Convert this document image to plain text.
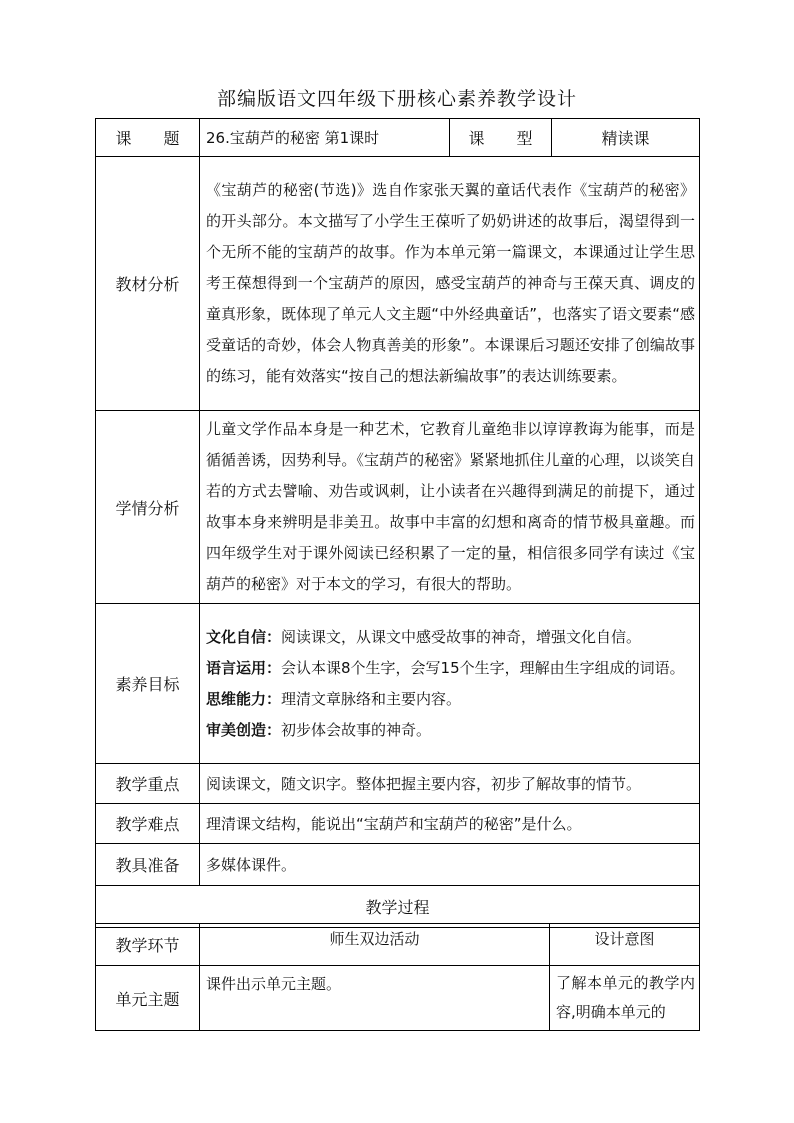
部编版语文四年级下册核心素养教学设计
课　　题	26.宝葫芦的秘密 第1课时	课　　型	精读课
教材分析	《宝葫芦的秘密(节选)》选自作家张天翼的童话代表作《宝葫芦的秘密》的开头部分。本文描写了小学生王葆听了奶奶讲述的故事后，渴望得到一个无所不能的宝葫芦的故事。作为本单元第一篇课文，本课通过让学生思考王葆想得到一个宝葫芦的原因，感受宝葫芦的神奇与王葆天真、调皮的童真形象，既体现了单元人文主题“中外经典童话”，也落实了语文要素“感受童话的奇妙，体会人物真善美的形象”。本课课后习题还安排了创编故事的练习，能有效落实“按自己的想法新编故事”的表达训练要素。		
学情分析	儿童文学作品本身是一种艺术，它教育儿童绝非以谆谆教诲为能事，而是循循善诱，因势利导。《宝葫芦的秘密》紧紧地抓住儿童的心理，以谈笑自若的方式去譬喻、劝告或讽刺，让小读者在兴趣得到满足的前提下，通过故事本身来辨明是非美丑。故事中丰富的幻想和离奇的情节极具童趣。而四年级学生对于课外阅读已经积累了一定的量，相信很多同学有读过《宝葫芦的秘密》对于本文的学习，有很大的帮助。		
素养目标	文化自信：阅读课文，从课文中感受故事的神奇，增强文化自信。
语言运用：会认本课8个生字，会写15个生字，理解由生字组成的词语。
思维能力：理清文章脉络和主要内容。
审美创造：初步体会故事的神奇。		

教学重点	阅读课文，随文识字。整体把握主要内容，初步了解故事的情节。		
教学难点	理清课文结构，能说出“宝葫芦和宝葫芦的秘密”是什么。		
教具准备	多媒体课件。		
教学过程			
教学环节	师生双边活动	设计意图
单元主题	课件出示单元主题。	了解本单元的教学内容,明确本单元的
